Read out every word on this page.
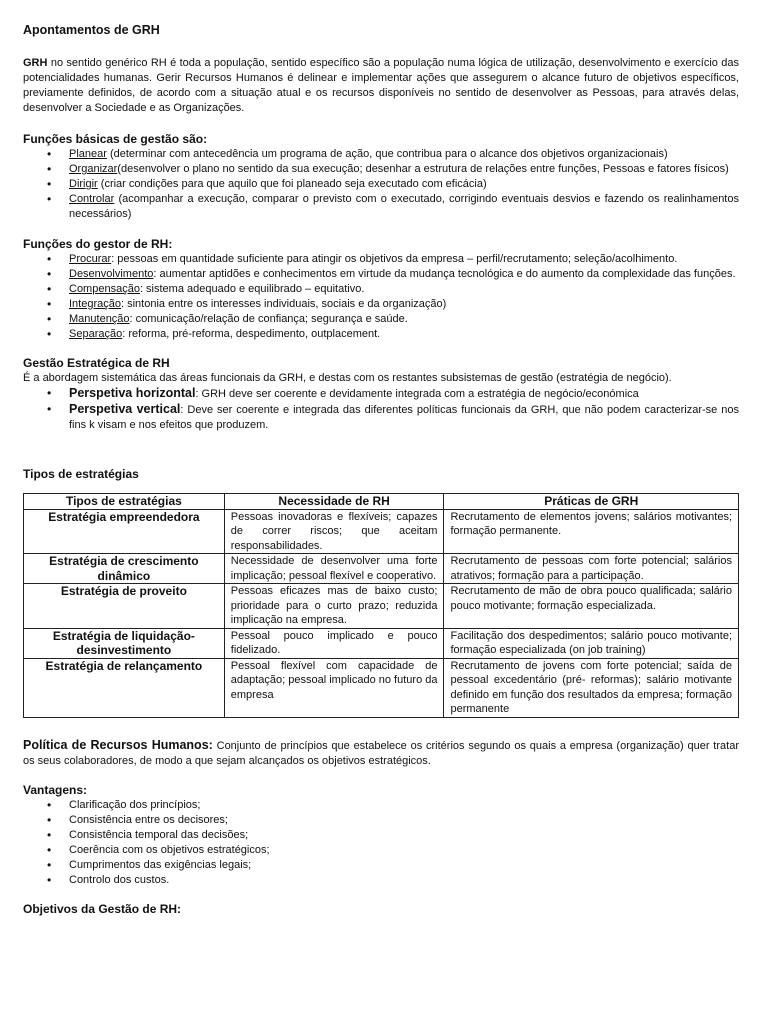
Apontamentos de GRH

GRH no sentido genérico RH é toda a população, sentido específico são a população numa lógica de utilização, desenvolvimento e exercício das potencialidades humanas. Gerir Recursos Humanos é delinear e implementar ações que assegurem o alcance futuro de objetivos específicos, previamente definidos, de acordo com a situação atual e os recursos disponíveis no sentido de desenvolver as Pessoas, para através delas, desenvolver a Sociedade e as Organizações.

Funções básicas de gestão são:
• Planear (determinar com antecedência um programa de ação, que contribua para o alcance dos objetivos organizacionais)
• Organizar(desenvolver o plano no sentido da sua execução; desenhar a estrutura de relações entre funções, Pessoas e fatores físicos)
• Dirigir (criar condições para que aquilo que foi planeado seja executado com eficácia)
• Controlar (acompanhar a execução, comparar o previsto com o executado, corrigindo eventuais desvios e fazendo os realinhamentos necessários)
Funções do gestor de RH:
• Procurar: pessoas em quantidade suficiente para atingir os objetivos da empresa – perfil/recrutamento; seleção/acolhimento.
• Desenvolvimento: aumentar aptidões e conhecimentos em virtude da mudança tecnológica e do aumento da complexidade das funções.
• Compensação: sistema adequado e equilibrado – equitativo.
• Integração: sintonia entre os interesses individuais, sociais e da organização)
• Manutenção: comunicação/relação de confiança; segurança e saúde.
• Separação: reforma, pré-reforma, despedimento, outplacement.
Gestão Estratégica de RH

É a abordagem sistemática das áreas funcionais da GRH, e destas com os restantes subsistemas de gestão (estratégia de negócio).

• Perspetiva horizontal: GRH deve ser coerente e devidamente integrada com a estratégia de negócio/económica
• Perspetiva vertical: Deve ser coerente e integrada das diferentes políticas funcionais da GRH, que não podem caracterizar-se nos fins k visam e nos efeitos que produzem.
Tipos de estratégias
Tipos de estratégias	Necessidade de RH	Práticas de GRH
Estratégia empreendedora	Pessoas inovadoras e flexíveis; capazes de correr riscos; que aceitam responsabilidades.	Recrutamento de elementos jovens; salários motivantes; formação permanente.
Estratégia de crescimento dinâmico	Necessidade de desenvolver uma forte implicação; pessoal flexível e cooperativo.	Recrutamento de pessoas com forte potencial; salários atrativos; formação para a participação.
Estratégia de proveito	Pessoas eficazes mas de baixo custo; prioridade para o curto prazo; reduzida implicação na empresa.	Recrutamento de mão de obra pouco qualificada; salário pouco motivante; formação especializada.
Estratégia de liquidação-desinvestimento	Pessoal pouco implicado e pouco fidelizado.	Facilitação dos despedimentos; salário pouco motivante; formação especializada (on job training)
Estratégia de relançamento	Pessoal flexível com capacidade de adaptação; pessoal implicado no futuro da empresa	Recrutamento de jovens com forte potencial; saída de pessoal excedentário (pré- reformas); salário motivante definido em função dos resultados da empresa; formação permanente

Política de Recursos Humanos: Conjunto de princípios que estabelece os critérios segundo os quais a empresa (organização) quer tratar os seus colaboradores, de modo a que sejam alcançados os objetivos estratégicos.

Vantagens:
• Clarificação dos princípios;
• Consistência entre os decisores;
• Consistência temporal das decisões;
• Coerência com os objetivos estratégicos;
• Cumprimentos das exigências legais;
• Controlo dos custos.
Objetivos da Gestão de RH:
